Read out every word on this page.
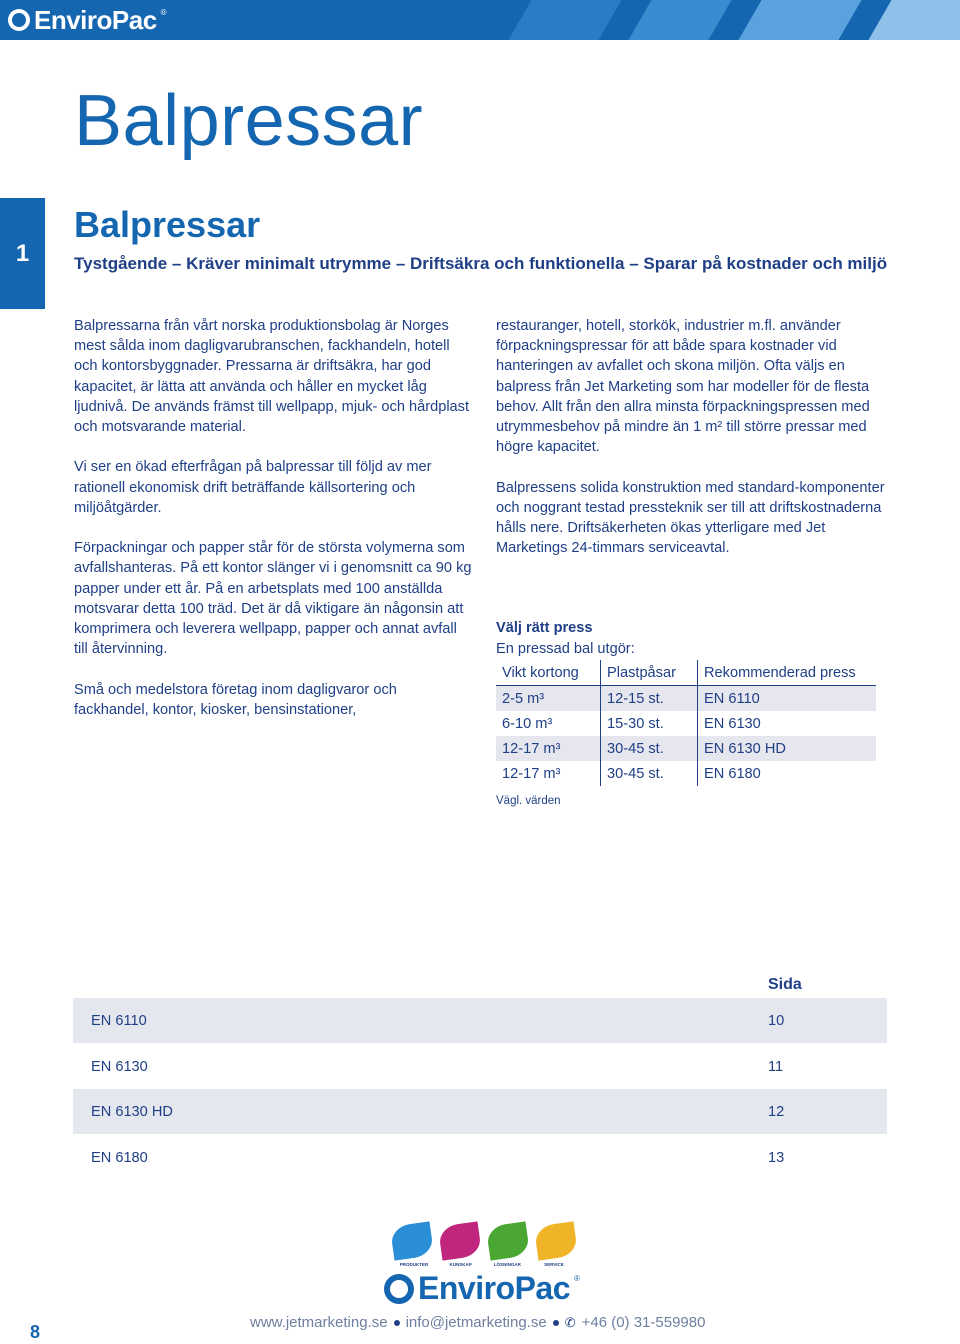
EnviroPac ®
Balpressar
1
Balpressar
Tystgående – Kräver minimalt utrymme – Driftsäkra och funktionella – Sparar på kostnader och miljö

Balpressarna från vårt norska produktionsbolag är Norges mest sålda inom dagligvarubranschen, fackhandeln, hotell och kontorsbyggnader. Pressarna är driftsäkra, har god kapacitet, är lätta att använda och håller en mycket låg ljudnivå. De används främst till wellpapp, mjuk- och hårdplast och motsvarande material.

Vi ser en ökad efterfrågan på balpressar till följd av mer rationell ekonomisk drift beträffande källsortering och miljöåtgärder.

Förpackningar och papper står för de största volymerna som avfallshanteras. På ett kontor slänger vi i genomsnitt ca 90 kg papper under ett år. På en arbetsplats med 100 anställda motsvarar detta 100 träd. Det är då viktigare än någonsin att komprimera och leverera wellpapp, papper och annat avfall till återvinning.

Små och medelstora företag inom dagligvaror och fackhandel, kontor, kiosker, bensinstationer,

restauranger, hotell, storkök, industrier m.fl. använder förpackningspressar för att både spara kostnader vid hanteringen av avfallet och skona miljön. Ofta väljs en balpress från Jet Marketing som har modeller för de flesta behov. Allt från den allra minsta förpackningspressen med utrymmesbehov på mindre än 1 m² till större pressar med högre kapacitet.

Balpressens solida konstruktion med standard-komponenter och noggrant testad pressteknik ser till att driftskostnaderna hålls nere. Driftsäkerheten ökas ytterligare med Jet Marketings 24-timmars serviceavtal.

Välj rätt press
En pressad bal utgör:
Vikt kortong	Plastpåsar	Rekommenderad press
2-5 m³	12-15 st.	EN 6110
6-10 m³	15-30 st.	EN 6130
12-17 m³	30-45 st.	EN 6130 HD
12-17 m³	30-45 st.	EN 6180
Vägl. värden
Sida
EN 6110	10
EN 6130	11
EN 6130 HD	12
EN 6180	13
PRODUKTER	KUNSKAP	LÖSNINGAR	SERVICE
EnviroPac ®
8	www.jetmarketing.se info@jetmarketing.se ✆ +46 (0) 31-559980
